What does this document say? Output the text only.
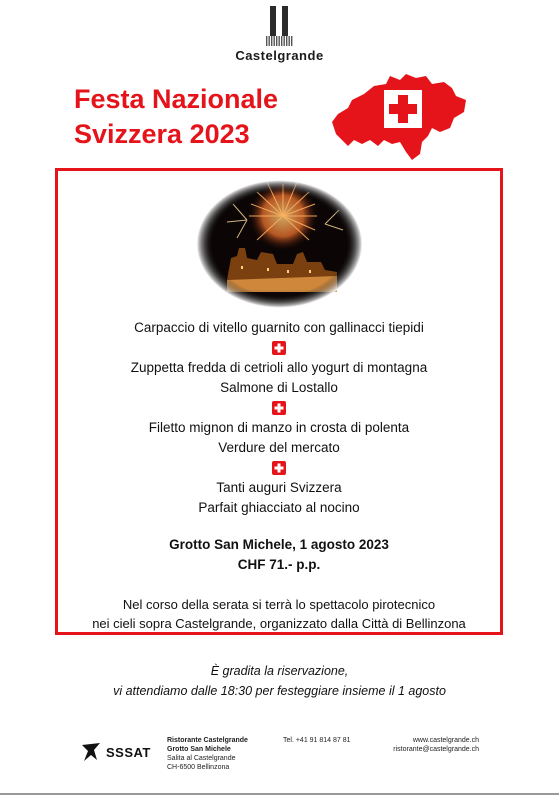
Castelgrande
Festa Nazionale
Svizzera 2023
Carpaccio di vitello guarnito con gallinacci tiepidi
Zuppetta fredda di cetrioli allo yogurt di montagna
Salmone di Lostallo
Filetto mignon di manzo in crosta di polenta
Verdure del mercato
Tanti auguri Svizzera
Parfait ghiacciato al nocino
Grotto San Michele, 1 agosto 2023
CHF 71.- p.p.
Nel corso della serata si terrà lo spettacolo pirotecnico
nei cieli sopra Castelgrande, organizzato dalla Città di Bellinzona
È gradita la riservazione,
vi attendiamo dalle 18:30 per festeggiare insieme il 1 agosto
SSSAT
Ristorante Castelgrande
Grotto San Michele
Salita al Castelgrande
CH-6500 Bellinzona
Tel. +41 91 814 87 81	www.castelgrande.ch
ristorante@castelgrande.ch
